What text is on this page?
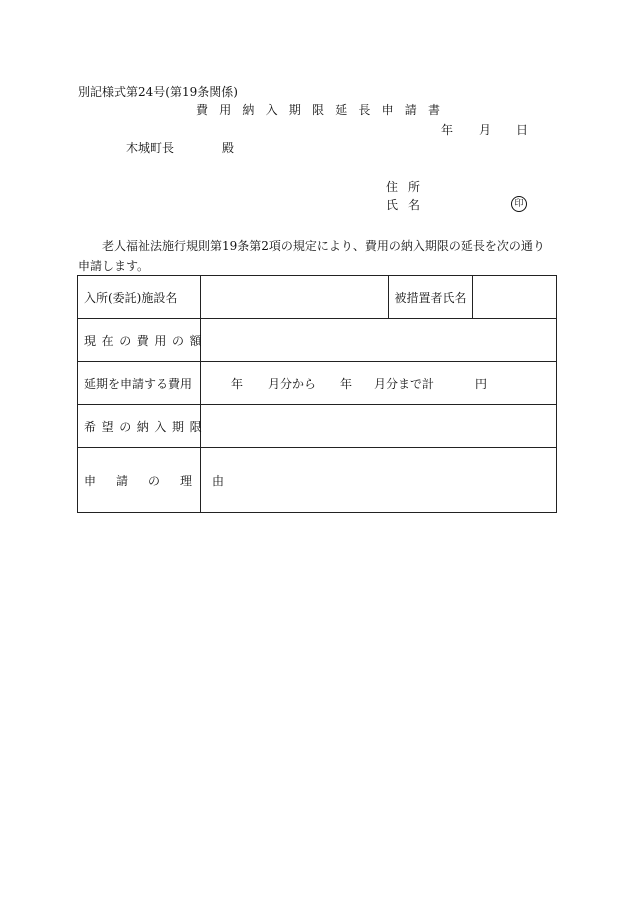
別記様式第24号(第19条関係)
費用納入期限延長申請書
年 月 日
木城町長	殿
住所
氏名	印
老人福祉法施行規則第19条第2項の規定により、費用の納入期限の延長を次の通り申請します。
入所(委託)施設名		被措置者氏名	

現在の費用の額			
延期を申請する費用	年 月分から 年 月分まで計 円		
希望の納入期限			
申請の理由			
